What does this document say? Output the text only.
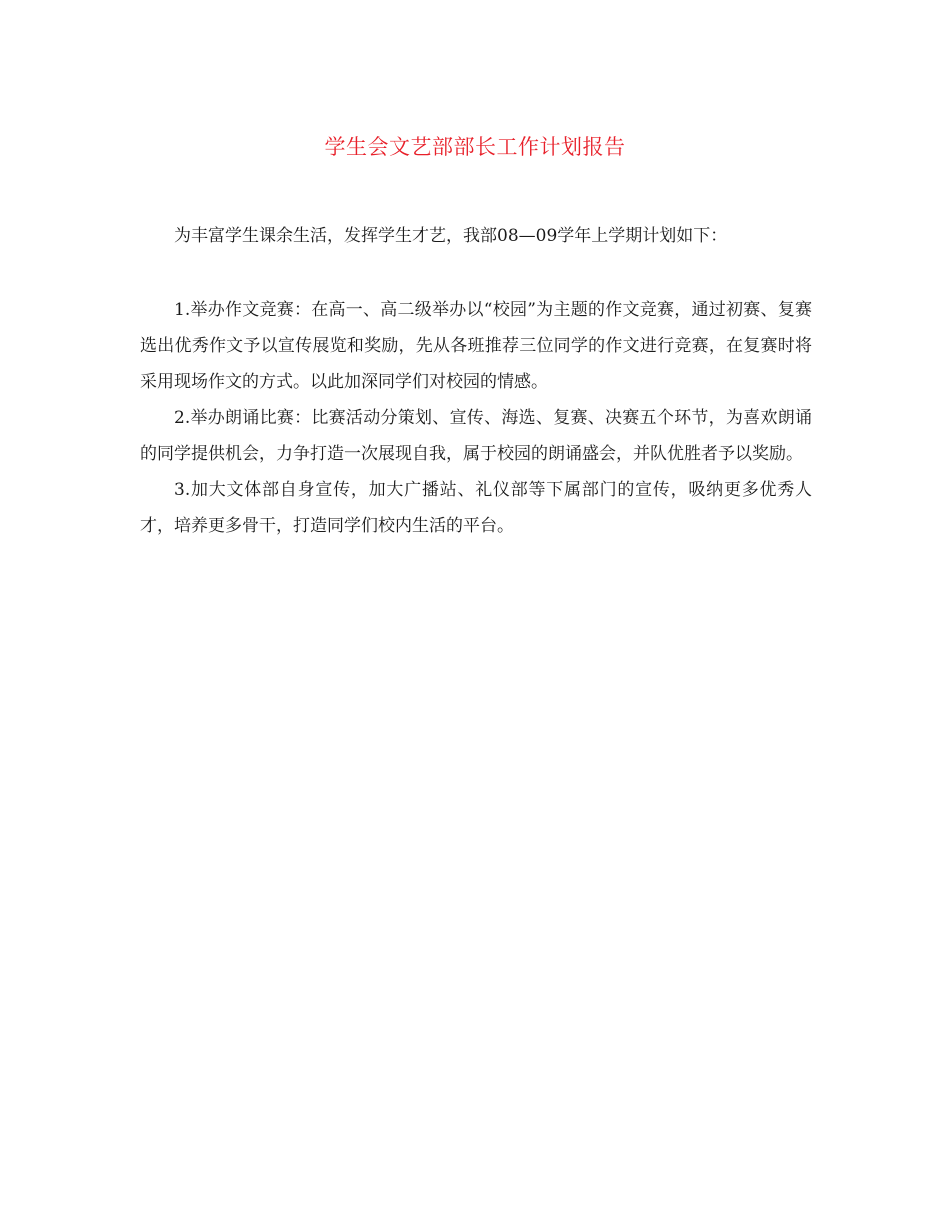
学生会文艺部部长工作计划报告

为丰富学生课余生活，发挥学生才艺，我部08—09学年上学期计划如下：

1.举办作文竞赛：在高一、高二级举办以“校园”为主题的作文竞赛，通过初赛、复赛选出优秀作文予以宣传展览和奖励，先从各班推荐三位同学的作文进行竞赛，在复赛时将采用现场作文的方式。以此加深同学们对校园的情感。

2.举办朗诵比赛：比赛活动分策划、宣传、海选、复赛、决赛五个环节，为喜欢朗诵的同学提供机会，力争打造一次展现自我，属于校园的朗诵盛会，并队优胜者予以奖励。

3.加大文体部自身宣传，加大广播站、礼仪部等下属部门的宣传，吸纳更多优秀人才，培养更多骨干，打造同学们校内生活的平台。
